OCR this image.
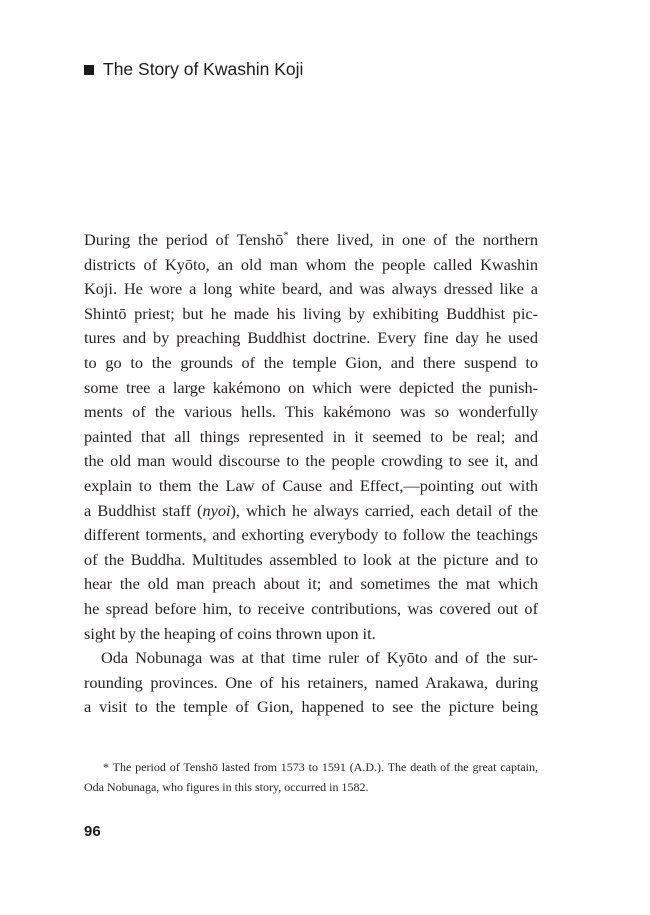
The Story of Kwashin Koji
During the period of Tenshō* there lived, in one of the northern
districts of Kyōto, an old man whom the people called Kwashin
Koji. He wore a long white beard, and was always dressed like a
Shintō priest; but he made his living by exhibiting Buddhist pic-
tures and by preaching Buddhist doctrine. Every fine day he used
to go to the grounds of the temple Gion, and there suspend to
some tree a large kakémono on which were depicted the punish-
ments of the various hells. This kakémono was so wonderfully
painted that all things represented in it seemed to be real; and
the old man would discourse to the people crowding to see it, and
explain to them the Law of Cause and Effect,—pointing out with
a Buddhist staff (nyoi), which he always carried, each detail of the
different torments, and exhorting everybody to follow the teachings
of the Buddha. Multitudes assembled to look at the picture and to
hear the old man preach about it; and sometimes the mat which
he spread before him, to receive contributions, was covered out of
sight by the heaping of coins thrown upon it.
Oda Nobunaga was at that time ruler of Kyōto and of the sur-
rounding provinces. One of his retainers, named Arakawa, during
a visit to the temple of Gion, happened to see the picture being
* The period of Tenshō lasted from 1573 to 1591 (A.D.). The death of the great captain,
Oda Nobunaga, who figures in this story, occurred in 1582.
96
